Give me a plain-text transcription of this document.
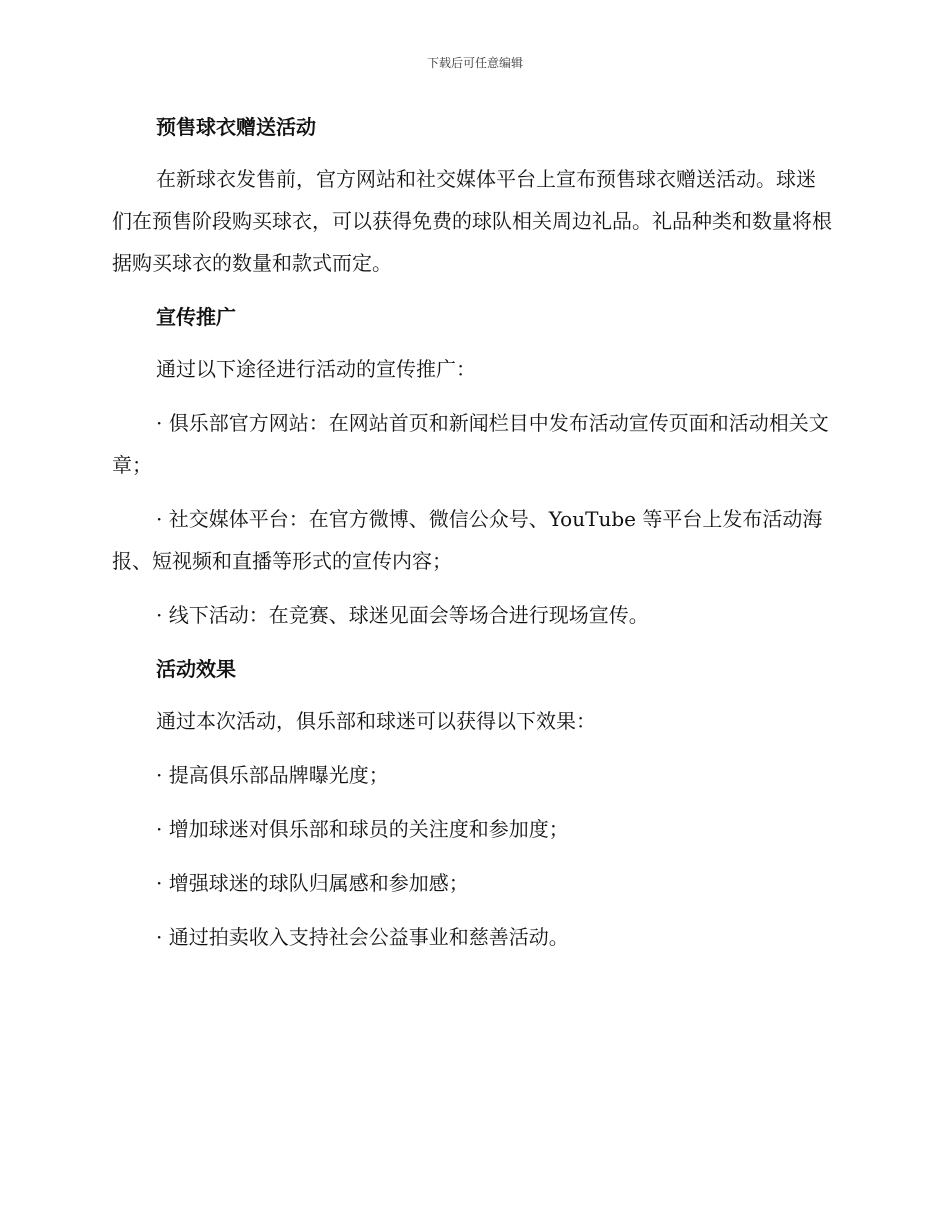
下载后可任意编辑
预售球衣赠送活动

在新球衣发售前，官方网站和社交媒体平台上宣布预售球衣赠送活动。球迷们在预售阶段购买球衣，可以获得免费的球队相关周边礼品。礼品种类和数量将根据购买球衣的数量和款式而定。

宣传推广

通过以下途径进行活动的宣传推广：

· 俱乐部官方网站：在网站首页和新闻栏目中发布活动宣传页面和活动相关文章；

· 社交媒体平台：在官方微博、微信公众号、YouTube 等平台上发布活动海报、短视频和直播等形式的宣传内容；

· 线下活动：在竞赛、球迷见面会等场合进行现场宣传。

活动效果

通过本次活动，俱乐部和球迷可以获得以下效果：

· 提高俱乐部品牌曝光度；

· 增加球迷对俱乐部和球员的关注度和参加度；

· 增强球迷的球队归属感和参加感；

· 通过拍卖收入支持社会公益事业和慈善活动。
